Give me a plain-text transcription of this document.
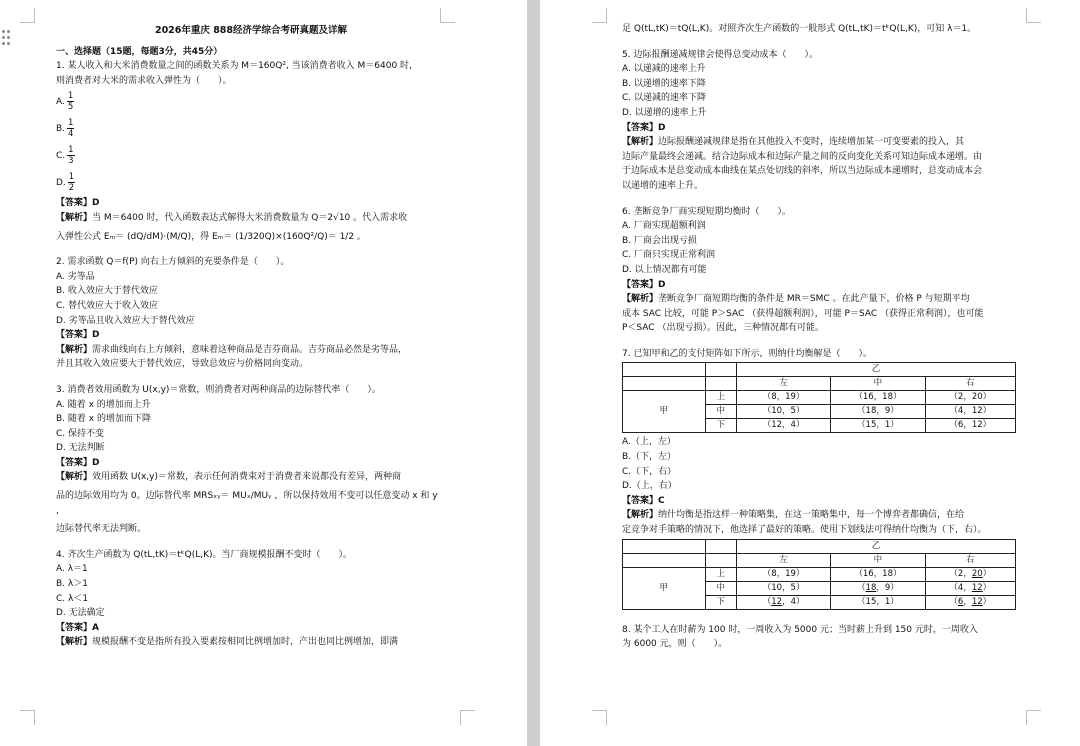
2026年重庆 888经济学综合考研真题及详解

一、选择题（15题，每题3分，共45分）

1. 某人收入和大米消费数量之间的函数关系为 M＝160Q², 当该消费者收入 M＝6400 时，

则消费者对大米的需求收入弹性为（　　）。

A. $\frac{1}{5}$
B. $\frac{1}{4}$
C. $\frac{1}{3}$
D. $\frac{1}{2}$

【答案】D

【解析】当 M＝6400 时，代入函数表达式解得大米消费数量为 Q＝2√10 。代入需求收

入弹性公式 Eₘ＝ (dQ/dM)·(M/Q)，得 Eₘ＝ (1/320Q)×(160Q²/Q)＝ 1/2 。

2. 需求函数 Q＝f(P) 向右上方倾斜的充要条件是（　　）。

A. 劣等品

B. 收入效应大于替代效应

C. 替代效应大于收入效应

D. 劣等品且收入效应大于替代效应

【答案】D

【解析】需求曲线向右上方倾斜，意味着这种商品是吉芬商品。吉芬商品必然是劣等品，

并且其收入效应要大于替代效应，导致总效应与价格同向变动。

3. 消费者效用函数为 U(x,y)＝常数，则消费者对两种商品的边际替代率（　　）。

A. 随着 x 的增加而上升

B. 随着 x 的增加而下降

C. 保持不变

D. 无法判断

【答案】D

【解析】效用函数 U(x,y)＝常数，表示任何消费束对于消费者来说都没有差异，两种商

品的边际效用均为 0。边际替代率 MRSₓᵧ＝ MUₓ/MUᵧ ，所以保持效用不变可以任意变动 x 和 y ，

边际替代率无法判断。

4. 齐次生产函数为 Q(tL,tK)＝tᵏQ(L,K)。当厂商规模报酬不变时（　　）。

A. λ＝1

B. λ＞1

C. λ＜1

D. 无法确定

【答案】A

【解析】规模报酬不变是指所有投入要素按相同比例增加时，产出也同比例增加，即满

足 Q(tL,tK)＝tQ(L,K)。对照齐次生产函数的一般形式 Q(tL,tK)＝tᵏQ(L,K)，可知 λ＝1。

5. 边际报酬递减规律会使得总变动成本（　　）。

A. 以递减的速率上升

B. 以递增的速率下降

C. 以递减的速率下降

D. 以递增的速率上升

【答案】D

【解析】边际报酬递减规律是指在其他投入不变时，连续增加某一可变要素的投入，其

边际产量最终会递减。结合边际成本和边际产量之间的反向变化关系可知边际成本递增。由

于边际成本是总变动成本曲线在某点处切线的斜率，所以当边际成本递增时，总变动成本会

以递增的速率上升。

6. 垄断竞争厂商实现短期均衡时（　　）。

A. 厂商实现超额利润

B. 厂商会出现亏损

C. 厂商只实现正常利润

D. 以上情况都有可能

【答案】D

【解析】垄断竞争厂商短期均衡的条件是 MR＝SMC 。在此产量下，价格 P 与短期平均

成本 SAC 比较，可能 P＞SAC （获得超额利润），可能 P＝SAC （获得正常利润），也可能

P＜SAC （出现亏损）。因此，三种情况都有可能。

7. 已知甲和乙的支付矩阵如下所示，则纳什均衡解是（　　）。

		乙		
		左	中	右
甲	上	（8，19）	（16，18）	（2，20）
	中	（10，5）	（18，9）	（4，12）
	下	（12，4）	（15，1）	（6，12）

A.（上，左）

B.（下，左）

C.（下，右）

D.（上，右）

【答案】C

【解析】纳什均衡是指这样一种策略集，在这一策略集中，每一个博弈者都确信，在给

定竞争对手策略的情况下，他选择了最好的策略。使用下划线法可得纳什均衡为（下，右）。

		乙		
		左	中	右
甲	上	（8，19）	（16，18）	（2，20）
	中	（10，5）	（18，9）	（4，12）
	下	（12，4）	（15，1）	（6，12）

8. 某个工人在时薪为 100 时，一周收入为 5000 元；当时薪上升到 150 元时，一周收入

为 6000 元，则（　　）。
